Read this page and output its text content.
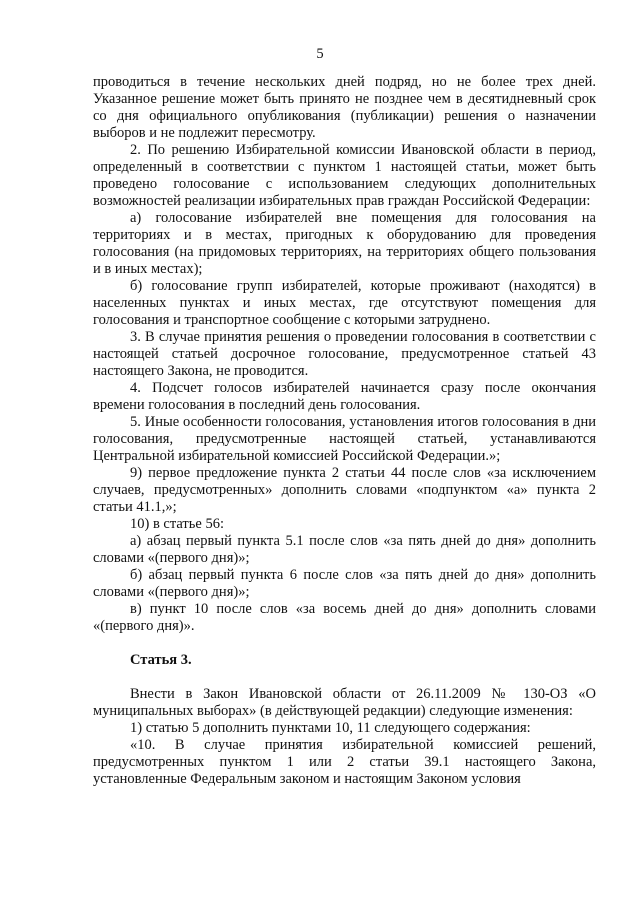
5

проводиться в течение нескольких дней подряд, но не более трех дней. Указанное решение может быть принято не позднее чем в десятидневный срок со дня официального опубликования (публикации) решения о назначении выборов и не подлежит пересмотру.

2. По решению Избирательной комиссии Ивановской области в период, определенный в соответствии с пунктом 1 настоящей статьи, может быть проведено голосование с использованием следующих дополнительных возможностей реализации избирательных прав граждан Российской Федерации:

а) голосование избирателей вне помещения для голосования на территориях и в местах, пригодных к оборудованию для проведения голосования (на придомовых территориях, на территориях общего пользования и в иных местах);

б) голосование групп избирателей, которые проживают (находятся) в населенных пунктах и иных местах, где отсутствуют помещения для голосования и транспортное сообщение с которыми затруднено.

3. В случае принятия решения о проведении голосования в соответствии с настоящей статьей досрочное голосование, предусмотренное статьей 43 настоящего Закона, не проводится.

4. Подсчет голосов избирателей начинается сразу после окончания времени голосования в последний день голосования.

5. Иные особенности голосования, установления итогов голосования в дни голосования, предусмотренные настоящей статьей, устанавливаются Центральной избирательной комиссией Российской Федерации.»;

9) первое предложение пункта 2 статьи 44 после слов «за исключением случаев, предусмотренных» дополнить словами «подпунктом «а» пункта 2 статьи 41.1,»;

10) в статье 56:

а) абзац первый пункта 5.1 после слов «за пять дней до дня» дополнить словами «(первого дня)»;

б) абзац первый пункта 6 после слов «за пять дней до дня» дополнить словами «(первого дня)»;

в) пункт 10 после слов «за восемь дней до дня» дополнить словами «(первого дня)».

Статья 3.

Внести в Закон Ивановской области от 26.11.2009 № 130-ОЗ «О муниципальных выборах» (в действующей редакции) следующие изменения:

1) статью 5 дополнить пунктами 10, 11 следующего содержания:

«10. В случае принятия избирательной комиссией решений, предусмотренных пунктом 1 или 2 статьи 39.1 настоящего Закона, установленные Федеральным законом и настоящим Законом условия
